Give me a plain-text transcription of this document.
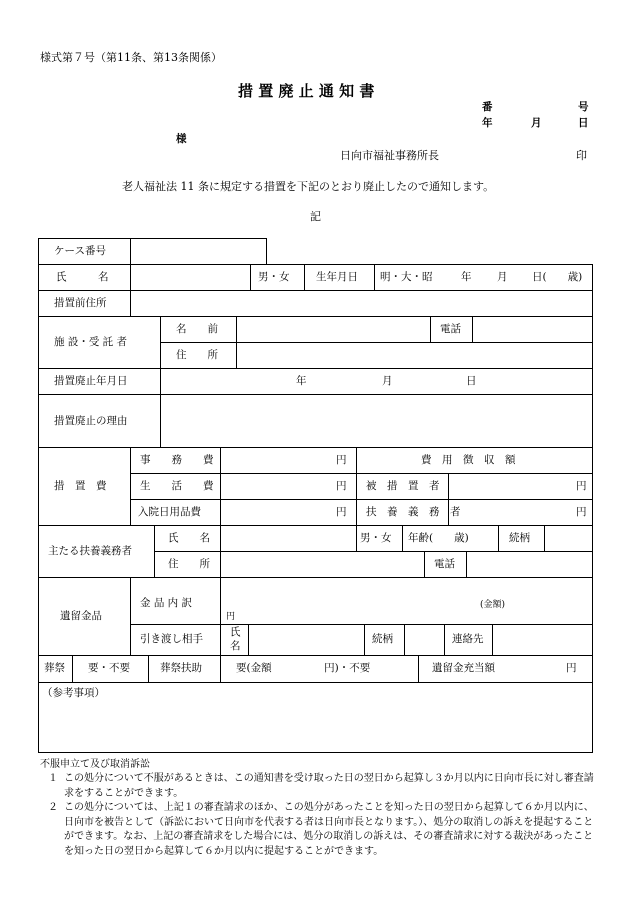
様式第７号（第11条、第13条関係）
措 置 廃 止 通 知 書
番	号
年	月	日
様
日向市福祉事務所長	印
老人福祉法 11 条に規定する措置を下記のとおり廃止したので通知します。
記
ケース番号
氏　　　名	男・女	生年月日 明・大・昭	年 月 日(　　歳)
措置前住所
施 設・受 託 者
名　　前	電話
住　　所
措置廃止年月日	年	月	日
措置廃止の理由
措　置　費
事　　務　　費	円	費　用　徴　収　額
生　　活　　費	円 被　措　置　者	円
入院日用品費	円 扶　養　義　務　者	円
主たる扶養義務者
氏　　名	男・女 年齢(　　歳)	続柄
住　　所	電話
遺留金品
金 品 内 訳
円
(金額)
引き渡し相手
氏
名
続柄	連絡先
葬祭 要・不要	葬祭扶助	要(金額　　　　　円)・不要	遺留金充当額	円
（参考事項）
不服申立て及び取消訴訟
１ この処分について不服があるときは、この通知書を受け取った日の翌日から起算し３か月以内に日向市長に対し審査請求をすることができます。
２ この処分については、上記１の審査請求のほか、この処分があったことを知った日の翌日から起算して６か月以内に、日向市を被告として（訴訟において日向市を代表する者は日向市長となります。）、処分の取消しの訴えを提起することができます。なお、上記の審査請求をした場合には、処分の取消しの訴えは、その審査請求に対する裁決があったことを知った日の翌日から起算して６か月以内に提起することができます。
